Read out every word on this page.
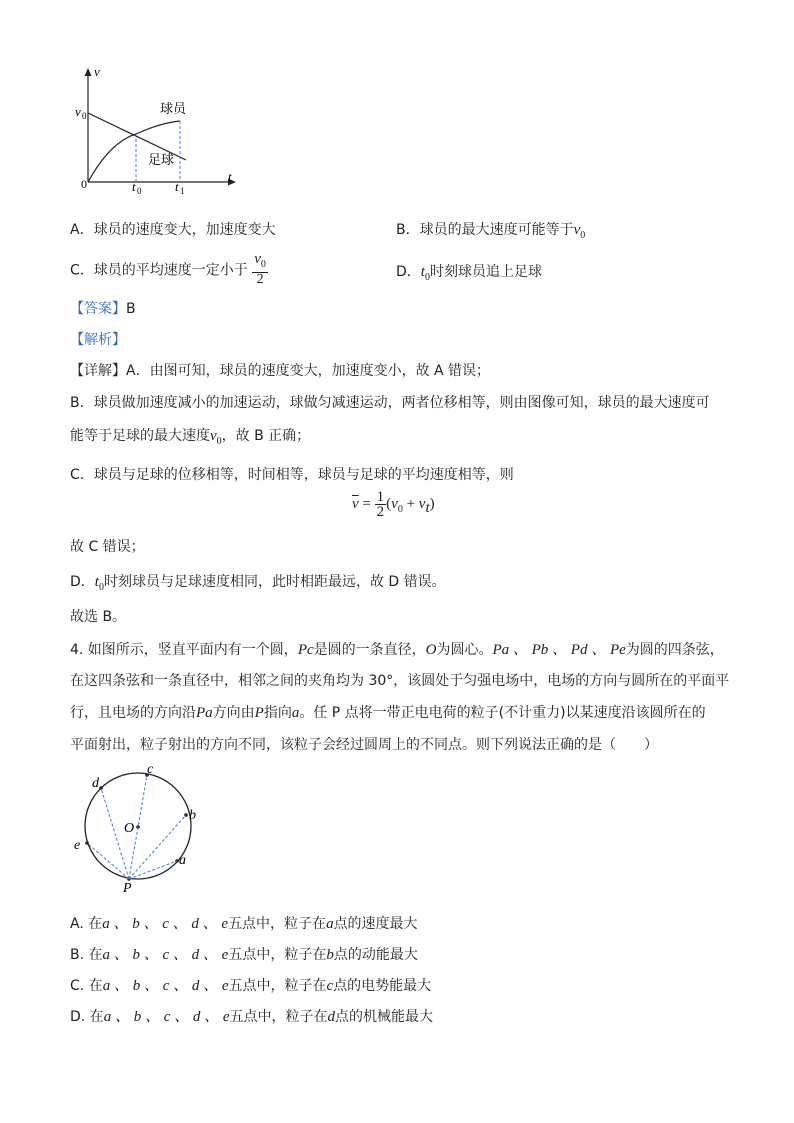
v
t
0
v 0
t 0	t 1
球员
足球
A．球员的速度变大，加速度变大	B．球员的最大速度可能等于$v_0$
C．球员的平均速度一定小于 $\frac{v_0}{2}$	D．$t_0$时刻球员追上足球
【答案】B
【解析】
【详解】A．由图可知，球员的速度变大，加速度变小，故 A 错误；
B．球员做加速度减小的加速运动，球做匀减速运动，两者位移相等，则由图像可知，球员的最大速度可
能等于足球的最大速度$v_0$，故 B 正确；
C．球员与足球的位移相等，时间相等，球员与足球的平均速度相等，则
$\overline{v} = \frac{1}{2} (v_0 + v_t)$
故 C 错误；
D．$t_0$时刻球员与足球速度相同，此时相距最远，故 D 错误。
故选 B。
4. 如图所示，竖直平面内有一个圆，Pc是圆的一条直径，O为圆心。Pa 、 Pb 、 Pd 、 Pe为圆的四条弦，
在这四条弦和一条直径中，相邻之间的夹角均为 30°，该圆处于匀强电场中，电场的方向与圆所在的平面平
行，且电场的方向沿Pa方向由P指向a。任 P 点将一带正电电荷的粒子(不计重力)以某速度沿该圆所在的
平面射出，粒子射出的方向不同，该粒子会经过圆周上的不同点。则下列说法正确的是（　　）
P
c
O
a
b
d
e
A. 在a 、 b 、 c 、 d 、 e五点中，粒子在a点的速度最大
B. 在a 、 b 、 c 、 d 、 e五点中，粒子在b点的动能最大
C. 在a 、 b 、 c 、 d 、 e五点中，粒子在c点的电势能最大
D. 在a 、 b 、 c 、 d 、 e五点中，粒子在d点的机械能最大
